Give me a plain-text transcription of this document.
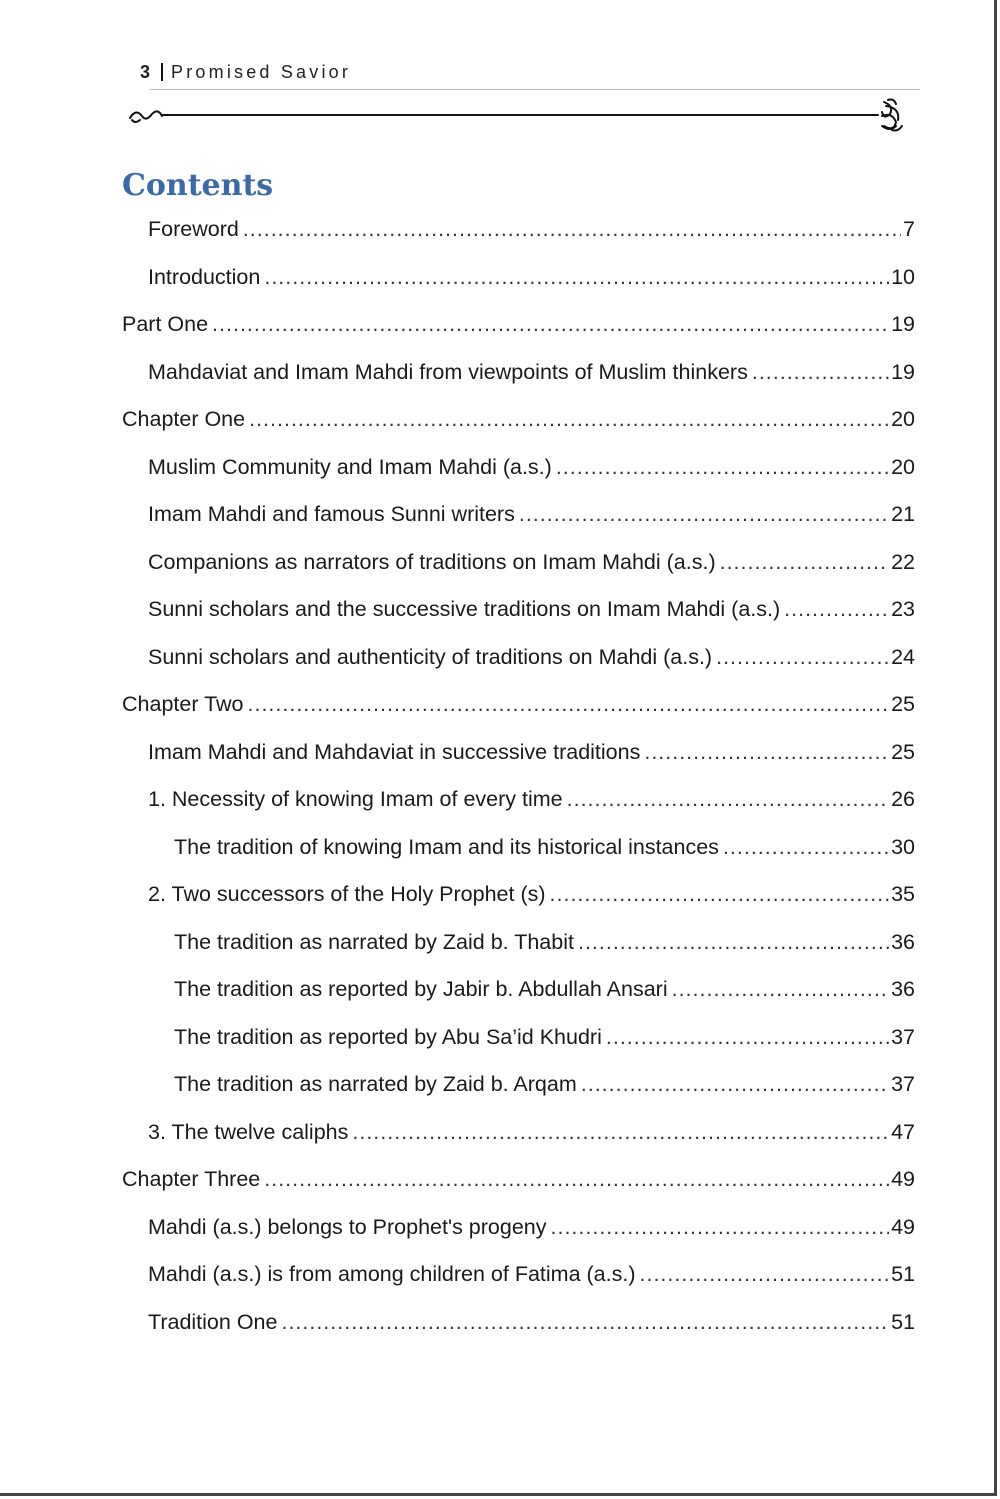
3 Promised Savior
Contents
Foreword .....	7
Introduction .....	10
Part One .....	19
Mahdaviat and Imam Mahdi from viewpoints of Muslim thinkers .....	19
Chapter One .....	20
Muslim Community and Imam Mahdi (a.s.) .....	20
Imam Mahdi and famous Sunni writers .....	21
Companions as narrators of traditions on Imam Mahdi (a.s.) .....	22
Sunni scholars and the successive traditions on Imam Mahdi (a.s.) .....	23
Sunni scholars and authenticity of traditions on Mahdi (a.s.) .....	24
Chapter Two .....	25
Imam Mahdi and Mahdaviat in successive traditions .....	25
1. Necessity of knowing Imam of every time .....	26
The tradition of knowing Imam and its historical instances .....	30
2. Two successors of the Holy Prophet (s) .....	35
The tradition as narrated by Zaid b. Thabit .....	36
The tradition as reported by Jabir b. Abdullah Ansari .....	36
The tradition as reported by Abu Sa’id Khudri .....	37
The tradition as narrated by Zaid b. Arqam .....	37
3. The twelve caliphs .....	47
Chapter Three .....	49
Mahdi (a.s.) belongs to Prophet's progeny .....	49
Mahdi (a.s.) is from among children of Fatima (a.s.) .....	51
Tradition One .....	51
